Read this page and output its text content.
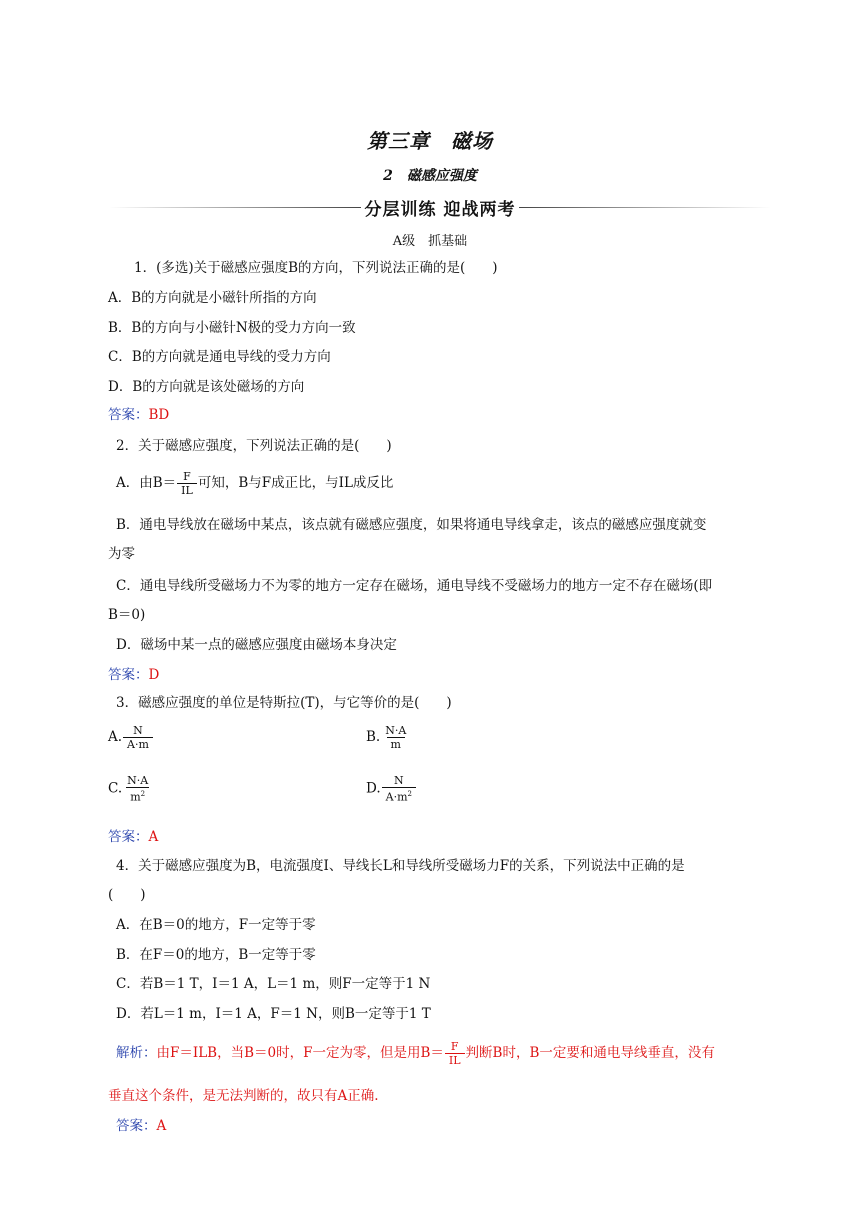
第三章　磁场
2　磁感应强度
分层训练 迎战两考
A级　抓基础
1．(多选)关于磁感应强度B的方向，下列说法正确的是(　　)
A．B的方向就是小磁针所指的方向
B．B的方向与小磁针N极的受力方向一致
C．B的方向就是通电导线的受力方向
D．B的方向就是该处磁场的方向
答案：BD
2．关于磁感应强度，下列说法正确的是(　　)
A．由$B= \frac{F}{IL}$ 可知，B与F成正比，与IL成反比
B．通电导线放在磁场中某点，该点就有磁感应强度，如果将通电导线拿走，该点的磁感应强度就变
为零
C．通电导线所受磁场力不为零的地方一定存在磁场，通电导线不受磁场力的地方一定不存在磁场(即
B＝0)
D．磁场中某一点的磁感应强度由磁场本身决定
答案：D
3．磁感应强度的单位是特斯拉(T)，与它等价的是(　　)
A. $\frac{N}{A\cdot m}$	B. $\frac{N\cdot A}{m}$
C. $\frac{N\cdot A}{m^2}$	D. $\frac{N}{A\cdot m^2}$
答案：A
4．关于磁感应强度为B，电流强度I、导线长L和导线所受磁场力F的关系，下列说法中正确的是
(　　)
A．在B＝0的地方，F一定等于零
B．在F＝0的地方，B一定等于零
C．若B＝1 T，I＝1 A，L＝1 m，则F一定等于1 N
D．若L＝1 m，I＝1 A，F＝1 N，则B一定等于1 T
解析：由F＝ILB，当B＝0时，F一定为零，但是用$B= \frac{F}{IL}$ 判断B时，B一定要和通电导线垂直，没有
垂直这个条件，是无法判断的，故只有A正确.
答案：A
